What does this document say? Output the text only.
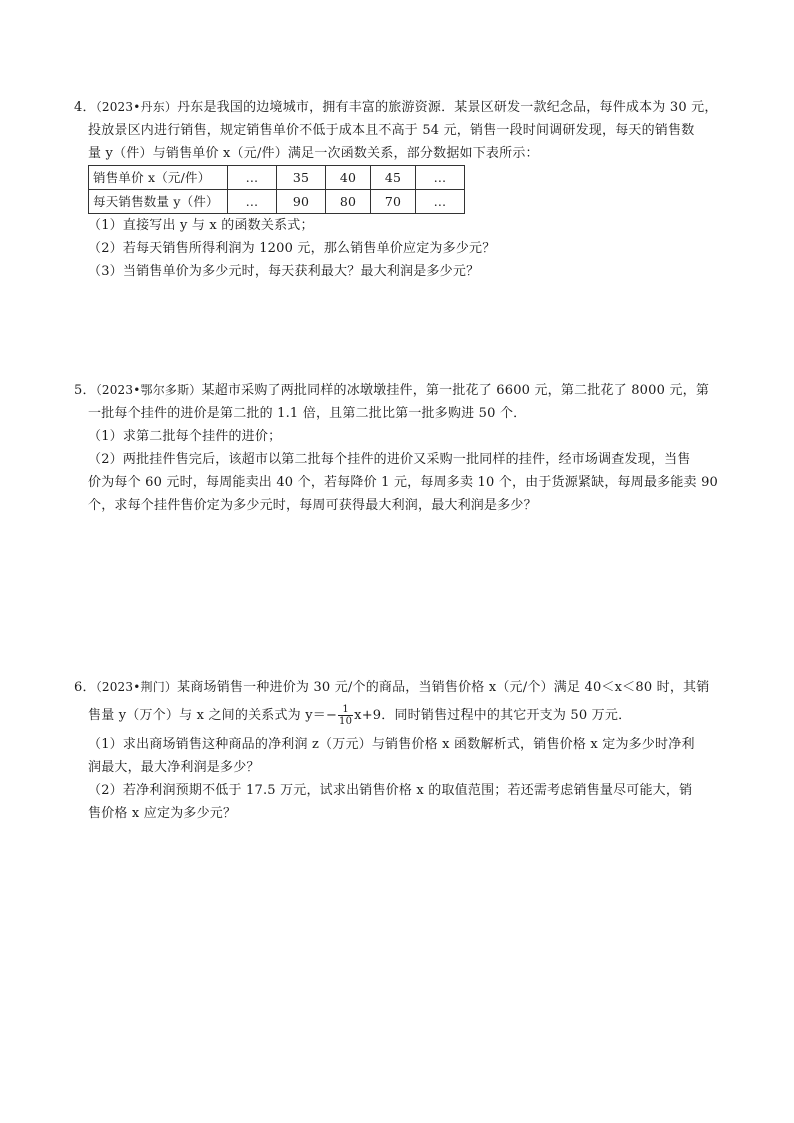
4．（2023•丹东）丹东是我国的边境城市，拥有丰富的旅游资源．某景区研发一款纪念品，每件成本为 30 元，
投放景区内进行销售，规定销售单价不低于成本且不高于 54 元，销售一段时间调研发现，每天的销售数
量 y（件）与销售单价 x（元/件）满足一次函数关系，部分数据如下表所示：
销售单价 x（元/件）	…	35	40	45	…
每天销售数量 y（件）	…	90	80	70	…
（1）直接写出 y 与 x 的函数关系式；
（2）若每天销售所得利润为 1200 元，那么销售单价应定为多少元？
（3）当销售单价为多少元时，每天获利最大？最大利润是多少元？
5．（2023•鄂尔多斯）某超市采购了两批同样的冰墩墩挂件，第一批花了 6600 元，第二批花了 8000 元，第
一批每个挂件的进价是第二批的 1.1 倍，且第二批比第一批多购进 50 个．
（1）求第二批每个挂件的进价；
（2）两批挂件售完后，该超市以第二批每个挂件的进价又采购一批同样的挂件，经市场调查发现，当售
价为每个 60 元时，每周能卖出 40 个，若每降价 1 元，每周多卖 10 个，由于货源紧缺，每周最多能卖 90
个，求每个挂件售价定为多少元时，每周可获得最大利润，最大利润是多少？
6．（2023•荆门）某商场销售一种进价为 30 元/个的商品，当销售价格 x（元/个）满足 40＜x＜80 时，其销
售量 y（万个）与 x 之间的关系式为 $y=- \frac{1}{10} x+9$．同时销售过程中的其它开支为 50 万元．
（1）求出商场销售这种商品的净利润 z（万元）与销售价格 x 函数解析式，销售价格 x 定为多少时净利
润最大，最大净利润是多少？
（2）若净利润预期不低于 17.5 万元，试求出销售价格 x 的取值范围；若还需考虑销售量尽可能大，销
售价格 x 应定为多少元？
